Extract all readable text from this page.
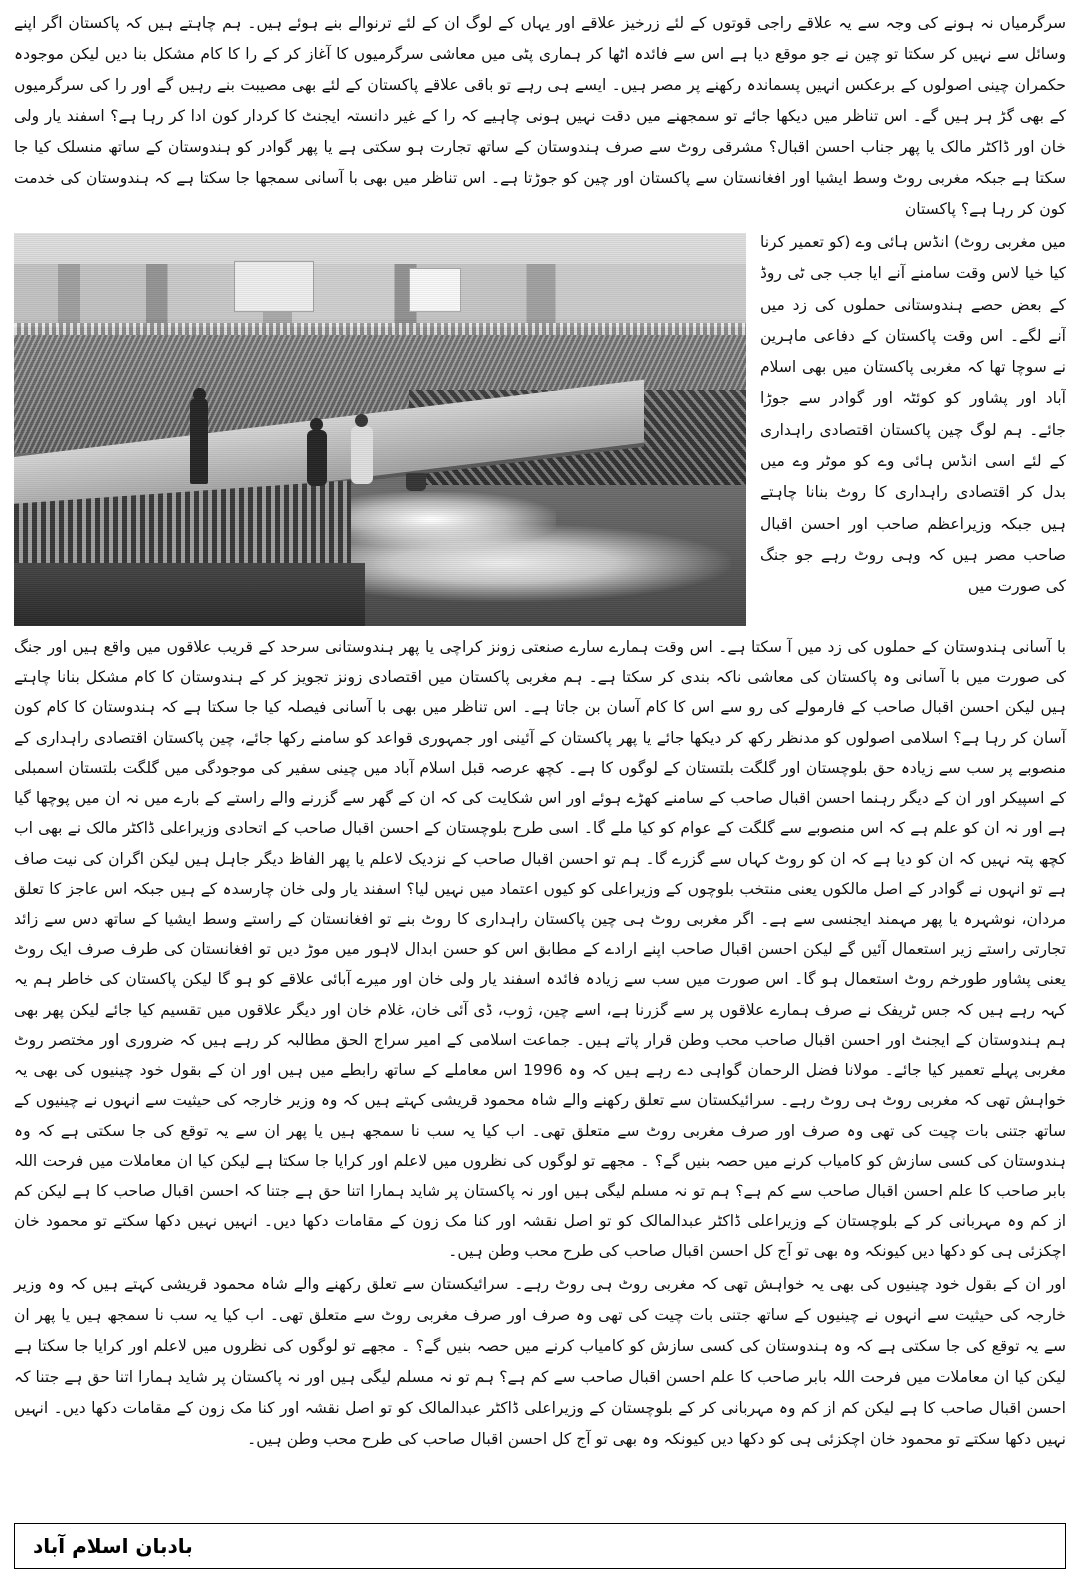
سرگرمیاں نہ ہونے کی وجہ سے یہ علاقے راجی قوتوں کے لئے زرخیز علاقے اور یہاں کے لوگ ان کے لئے ترنوالے بنے ہوئے ہیں۔ ہم چاہتے ہیں کہ پاکستان اگر اپنے وسائل سے نہیں کر سکتا تو چین نے جو موقع دیا ہے اس سے فائدہ اٹھا کر ہماری پٹی میں معاشی سرگرمیوں کا آغاز کر کے را کا کام مشکل بنا دیں لیکن موجودہ حکمران چینی اصولوں کے برعکس انہیں پسماندہ رکھنے پر مصر ہیں۔ ایسے ہی رہے تو باقی علاقے پاکستان کے لئے بھی مصیبت بنے رہیں گے اور را کی سرگرمیوں کے بھی گڑ ہر ہیں گے۔ اس تناظر میں دیکھا جائے تو سمجھنے میں دقت نہیں ہونی چاہیے کہ را کے غیر دانستہ ایجنٹ کا کردار کون ادا کر رہا ہے؟ اسفند یار ولی خان اور ڈاکٹر مالک یا پھر جناب احسن اقبال؟ مشرقی روٹ سے صرف ہندوستان کے ساتھ تجارت ہو سکتی ہے یا پھر گوادر کو ہندوستان کے ساتھ منسلک کیا جا سکتا ہے جبکہ مغربی روٹ وسط ایشیا اور افغانستان سے پاکستان اور چین کو جوڑتا ہے۔ اس تناظر میں بھی با آسانی سمجھا جا سکتا ہے کہ ہندوستان کی خدمت کون کر رہا ہے؟ پاکستان

میں مغربی روٹ) انڈس ہائی وے (کو تعمیر کرنا کیا خیا لاس وقت سامنے آنے ایا جب جی ٹی روڈ کے بعض حصے ہندوستانی حملوں کی زد میں آنے لگے۔ اس وقت پاکستان کے دفاعی ماہرین نے سوچا تھا کہ مغربی پاکستان میں بھی اسلام آباد اور پشاور کو کوئٹہ اور گوادر سے جوڑا جائے۔ ہم لوگ چین پاکستان اقتصادی راہداری کے لئے اسی انڈس ہائی وے کو موٹر وے میں بدل کر اقتصادی راہداری کا روٹ بنانا چاہتے ہیں جبکہ وزیراعظم صاحب اور احسن اقبال صاحب مصر ہیں کہ وہی روٹ رہے جو جنگ کی صورت میں

با آسانی ہندوستان کے حملوں کی زد میں آ سکتا ہے۔ اس وقت ہمارے سارے صنعتی زونز کراچی یا پھر ہندوستانی سرحد کے قریب علاقوں میں واقع ہیں اور جنگ کی صورت میں با آسانی وہ پاکستان کی معاشی ناکہ بندی کر سکتا ہے۔ ہم مغربی پاکستان میں اقتصادی زونز تجویز کر کے ہندوستان کا کام مشکل بنانا چاہتے ہیں لیکن احسن اقبال صاحب کے فارمولے کی رو سے اس کا کام آسان بن جاتا ہے۔ اس تناظر میں بھی با آسانی فیصلہ کیا جا سکتا ہے کہ ہندوستان کا کام کون آسان کر رہا ہے؟ اسلامی اصولوں کو مدنظر رکھ کر دیکھا جائے یا پھر پاکستان کے آئینی اور جمہوری قواعد کو سامنے رکھا جائے، چین پاکستان اقتصادی راہداری کے منصوبے پر سب سے زیادہ حق بلوچستان اور گلگت بلتستان کے لوگوں کا ہے۔ کچھ عرصہ قبل اسلام آباد میں چینی سفیر کی موجودگی میں گلگت بلتستان اسمبلی کے اسپیکر اور ان کے دیگر رہنما احسن اقبال صاحب کے سامنے کھڑے ہوئے اور اس شکایت کی کہ ان کے گھر سے گزرنے والے راستے کے بارے میں نہ ان میں پوچھا گیا ہے اور نہ ان کو علم ہے کہ اس منصوبے سے گلگت کے عوام کو کیا ملے گا۔ اسی طرح بلوچستان کے احسن اقبال صاحب کے اتحادی وزیراعلی ڈاکٹر مالک نے بھی اب کچھ پتہ نہیں کہ ان کو دیا ہے کہ ان کو روٹ کہاں سے گزرے گا۔ ہم تو احسن اقبال صاحب کے نزدیک لاعلم یا پھر الفاظ دیگر جاہل ہیں لیکن اگران کی نیت صاف ہے تو انہوں نے گوادر کے اصل مالکوں یعنی منتخب بلوچوں کے وزیراعلی کو کیوں اعتماد میں نہیں لیا؟ اسفند یار ولی خان چارسدہ کے ہیں جبکہ اس عاجز کا تعلق مردان، نوشہرہ یا پھر مہمند ایجنسی سے ہے۔ اگر مغربی روٹ ہی چین پاکستان راہداری کا روٹ بنے تو افغانستان کے راستے وسط ایشیا کے ساتھ دس سے زائد تجارتی راستے زیر استعمال آئیں گے لیکن احسن اقبال صاحب اپنے ارادے کے مطابق اس کو حسن ابدال لاہور میں موڑ دیں تو افغانستان کی طرف صرف ایک روٹ یعنی پشاور طورخم روٹ استعمال ہو گا۔ اس صورت میں سب سے زیادہ فائدہ اسفند یار ولی خان اور میرے آبائی علاقے کو ہو گا لیکن پاکستان کی خاطر ہم یہ کہہ رہے ہیں کہ جس ٹریفک نے صرف ہمارے علاقوں پر سے گزرنا ہے، اسے چین، ژوب، ڈی آئی خان، غلام خان اور دیگر علاقوں میں تقسیم کیا جائے لیکن پھر بھی ہم ہندوستان کے ایجنٹ اور احسن اقبال صاحب محب وطن قرار پاتے ہیں۔ جماعت اسلامی کے امیر سراج الحق مطالبہ کر رہے ہیں کہ ضروری اور مختصر روٹ مغربی پہلے تعمیر کیا جائے۔ مولانا فضل الرحمان گواہی دے رہے ہیں کہ وہ 1996 اس معاملے کے ساتھ رابطے میں ہیں اور ان کے بقول خود چینیوں کی بھی یہ خواہش تھی کہ مغربی روٹ ہی روٹ رہے۔ سرائیکستان سے تعلق رکھنے والے شاہ محمود قریشی کہتے ہیں کہ وہ وزیر خارجہ کی حیثیت سے انہوں نے چینیوں کے ساتھ جتنی بات چیت کی تھی وہ صرف اور صرف مغربی روٹ سے متعلق تھی۔ اب کیا یہ سب نا سمجھ ہیں یا پھر ان سے یہ توقع کی جا سکتی ہے کہ وہ ہندوستان کی کسی سازش کو کامیاب کرنے میں حصہ بنیں گے؟ ۔ مجھے تو لوگوں کی نظروں میں لاعلم اور کرایا جا سکتا ہے لیکن کیا ان معاملات میں فرحت اللہ بابر صاحب کا علم احسن اقبال صاحب سے کم ہے؟ ہم تو نہ مسلم لیگی ہیں اور نہ پاکستان پر شاید ہمارا اتنا حق ہے جتنا کہ احسن اقبال صاحب کا ہے لیکن کم از کم وہ مہربانی کر کے بلوچستان کے وزیراعلی ڈاکٹر عبدالمالک کو تو اصل نقشہ اور کنا مک زون کے مقامات دکھا دیں۔ انہیں نہیں دکھا سکتے تو محمود خان اچکزئی ہی کو دکھا دیں کیونکہ وہ بھی تو آج کل احسن اقبال صاحب کی طرح محب وطن ہیں۔

اور ان کے بقول خود چینیوں کی بھی یہ خواہش تھی کہ مغربی روٹ ہی روٹ رہے۔ سرائیکستان سے تعلق رکھنے والے شاہ محمود قریشی کہتے ہیں کہ وہ وزیر خارجہ کی حیثیت سے انہوں نے چینیوں کے ساتھ جتنی بات چیت کی تھی وہ صرف اور صرف مغربی روٹ سے متعلق تھی۔ اب کیا یہ سب نا سمجھ ہیں یا پھر ان سے یہ توقع کی جا سکتی ہے کہ وہ ہندوستان کی کسی سازش کو کامیاب کرنے میں حصہ بنیں گے؟ ۔ مجھے تو لوگوں کی نظروں میں لاعلم اور کرایا جا سکتا ہے لیکن کیا ان معاملات میں فرحت اللہ بابر صاحب کا علم احسن اقبال صاحب سے کم ہے؟ ہم تو نہ مسلم لیگی ہیں اور نہ پاکستان پر شاید ہمارا اتنا حق ہے جتنا کہ احسن اقبال صاحب کا ہے لیکن کم از کم وہ مہربانی کر کے بلوچستان کے وزیراعلی ڈاکٹر عبدالمالک کو تو اصل نقشہ اور کنا مک زون کے مقامات دکھا دیں۔ انہیں نہیں دکھا سکتے تو محمود خان اچکزئی ہی کو دکھا دیں کیونکہ وہ بھی تو آج کل احسن اقبال صاحب کی طرح محب وطن ہیں۔

بادبان اسلام آباد
